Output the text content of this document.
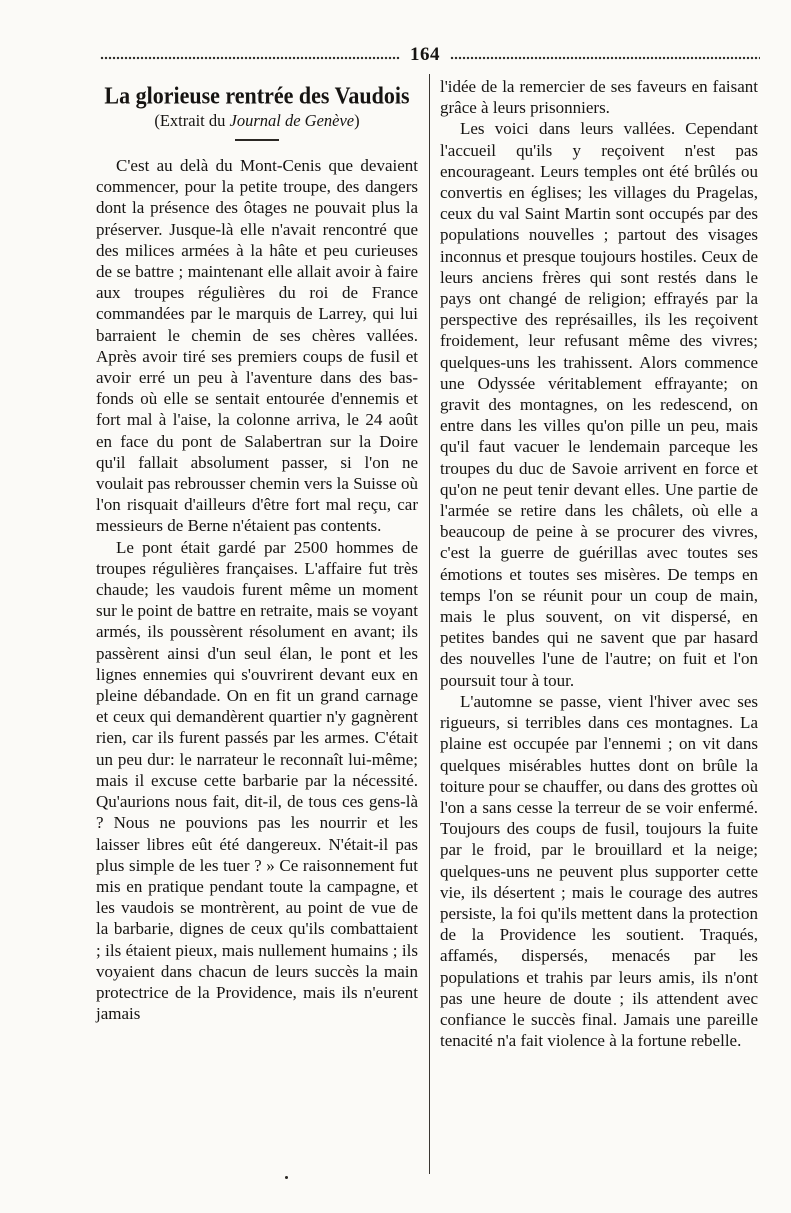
164
La glorieuse rentrée des Vaudois
(Extrait du Journal de Genève)

C'est au delà du Mont-Cenis que devaient commencer, pour la petite troupe, des dangers dont la présence des ôtages ne pouvait plus la préserver. Jusque-là elle n'avait rencontré que des milices armées à la hâte et peu curieuses de se battre ; maintenant elle allait avoir à faire aux troupes régulières du roi de France commandées par le marquis de Larrey, qui lui barraient le chemin de ses chères vallées. Après avoir tiré ses premiers coups de fusil et avoir erré un peu à l'aventure dans des bas-fonds où elle se sentait entourée d'ennemis et fort mal à l'aise, la colonne arriva, le 24 août en face du pont de Salabertran sur la Doire qu'il fallait absolument passer, si l'on ne voulait pas rebrousser chemin vers la Suisse où l'on risquait d'ailleurs d'être fort mal reçu, car messieurs de Berne n'étaient pas contents.

Le pont était gardé par 2500 hommes de troupes régulières françaises. L'affaire fut très chaude; les vaudois furent même un moment sur le point de battre en retraite, mais se voyant armés, ils poussèrent résolument en avant; ils passèrent ainsi d'un seul élan, le pont et les lignes ennemies qui s'ouvrirent devant eux en pleine débandade. On en fit un grand carnage et ceux qui demandèrent quartier n'y gagnèrent rien, car ils furent passés par les armes. C'était un peu dur: le narrateur le reconnaît lui-même; mais il excuse cette barbarie par la nécessité. Qu'aurions nous fait, dit-il, de tous ces gens-là ? Nous ne pouvions pas les nourrir et les laisser libres eût été dangereux. N'était-il pas plus simple de les tuer ? » Ce raisonnement fut mis en pratique pendant toute la campagne, et les vaudois se montrèrent, au point de vue de la barbarie, dignes de ceux qu'ils combattaient ; ils étaient pieux, mais nullement humains ; ils voyaient dans chacun de leurs succès la main protectrice de la Providence, mais ils n'eurent jamais

l'idée de la remercier de ses faveurs en faisant grâce à leurs prisonniers.

Les voici dans leurs vallées. Cependant l'accueil qu'ils y reçoivent n'est pas encourageant. Leurs temples ont été brûlés ou convertis en églises; les villages du Pragelas, ceux du val Saint Martin sont occupés par des populations nouvelles ; partout des visages inconnus et presque toujours hostiles. Ceux de leurs anciens frères qui sont restés dans le pays ont changé de religion; effrayés par la perspective des représailles, ils les reçoivent froidement, leur refusant même des vivres; quelques-uns les trahissent. Alors commence une Odyssée véritablement effrayante; on gravit des montagnes, on les redescend, on entre dans les villes qu'on pille un peu, mais qu'il faut vacuer le lendemain parceque les troupes du duc de Savoie arrivent en force et qu'on ne peut tenir devant elles. Une partie de l'armée se retire dans les châlets, où elle a beaucoup de peine à se procurer des vivres, c'est la guerre de guérillas avec toutes ses émotions et toutes ses misères. De temps en temps l'on se réunit pour un coup de main, mais le plus souvent, on vit dispersé, en petites bandes qui ne savent que par hasard des nouvelles l'une de l'autre; on fuit et l'on poursuit tour à tour.

L'automne se passe, vient l'hiver avec ses rigueurs, si terribles dans ces montagnes. La plaine est occupée par l'ennemi ; on vit dans quelques misérables huttes dont on brûle la toiture pour se chauffer, ou dans des grottes où l'on a sans cesse la terreur de se voir enfermé. Toujours des coups de fusil, toujours la fuite par le froid, par le brouillard et la neige; quelques-uns ne peuvent plus supporter cette vie, ils désertent ; mais le courage des autres persiste, la foi qu'ils mettent dans la protection de la Providence les soutient. Traqués, affamés, dispersés, menacés par les populations et trahis par leurs amis, ils n'ont pas une heure de doute ; ils attendent avec confiance le succès final. Jamais une pareille tenacité n'a fait violence à la fortune rebelle.
